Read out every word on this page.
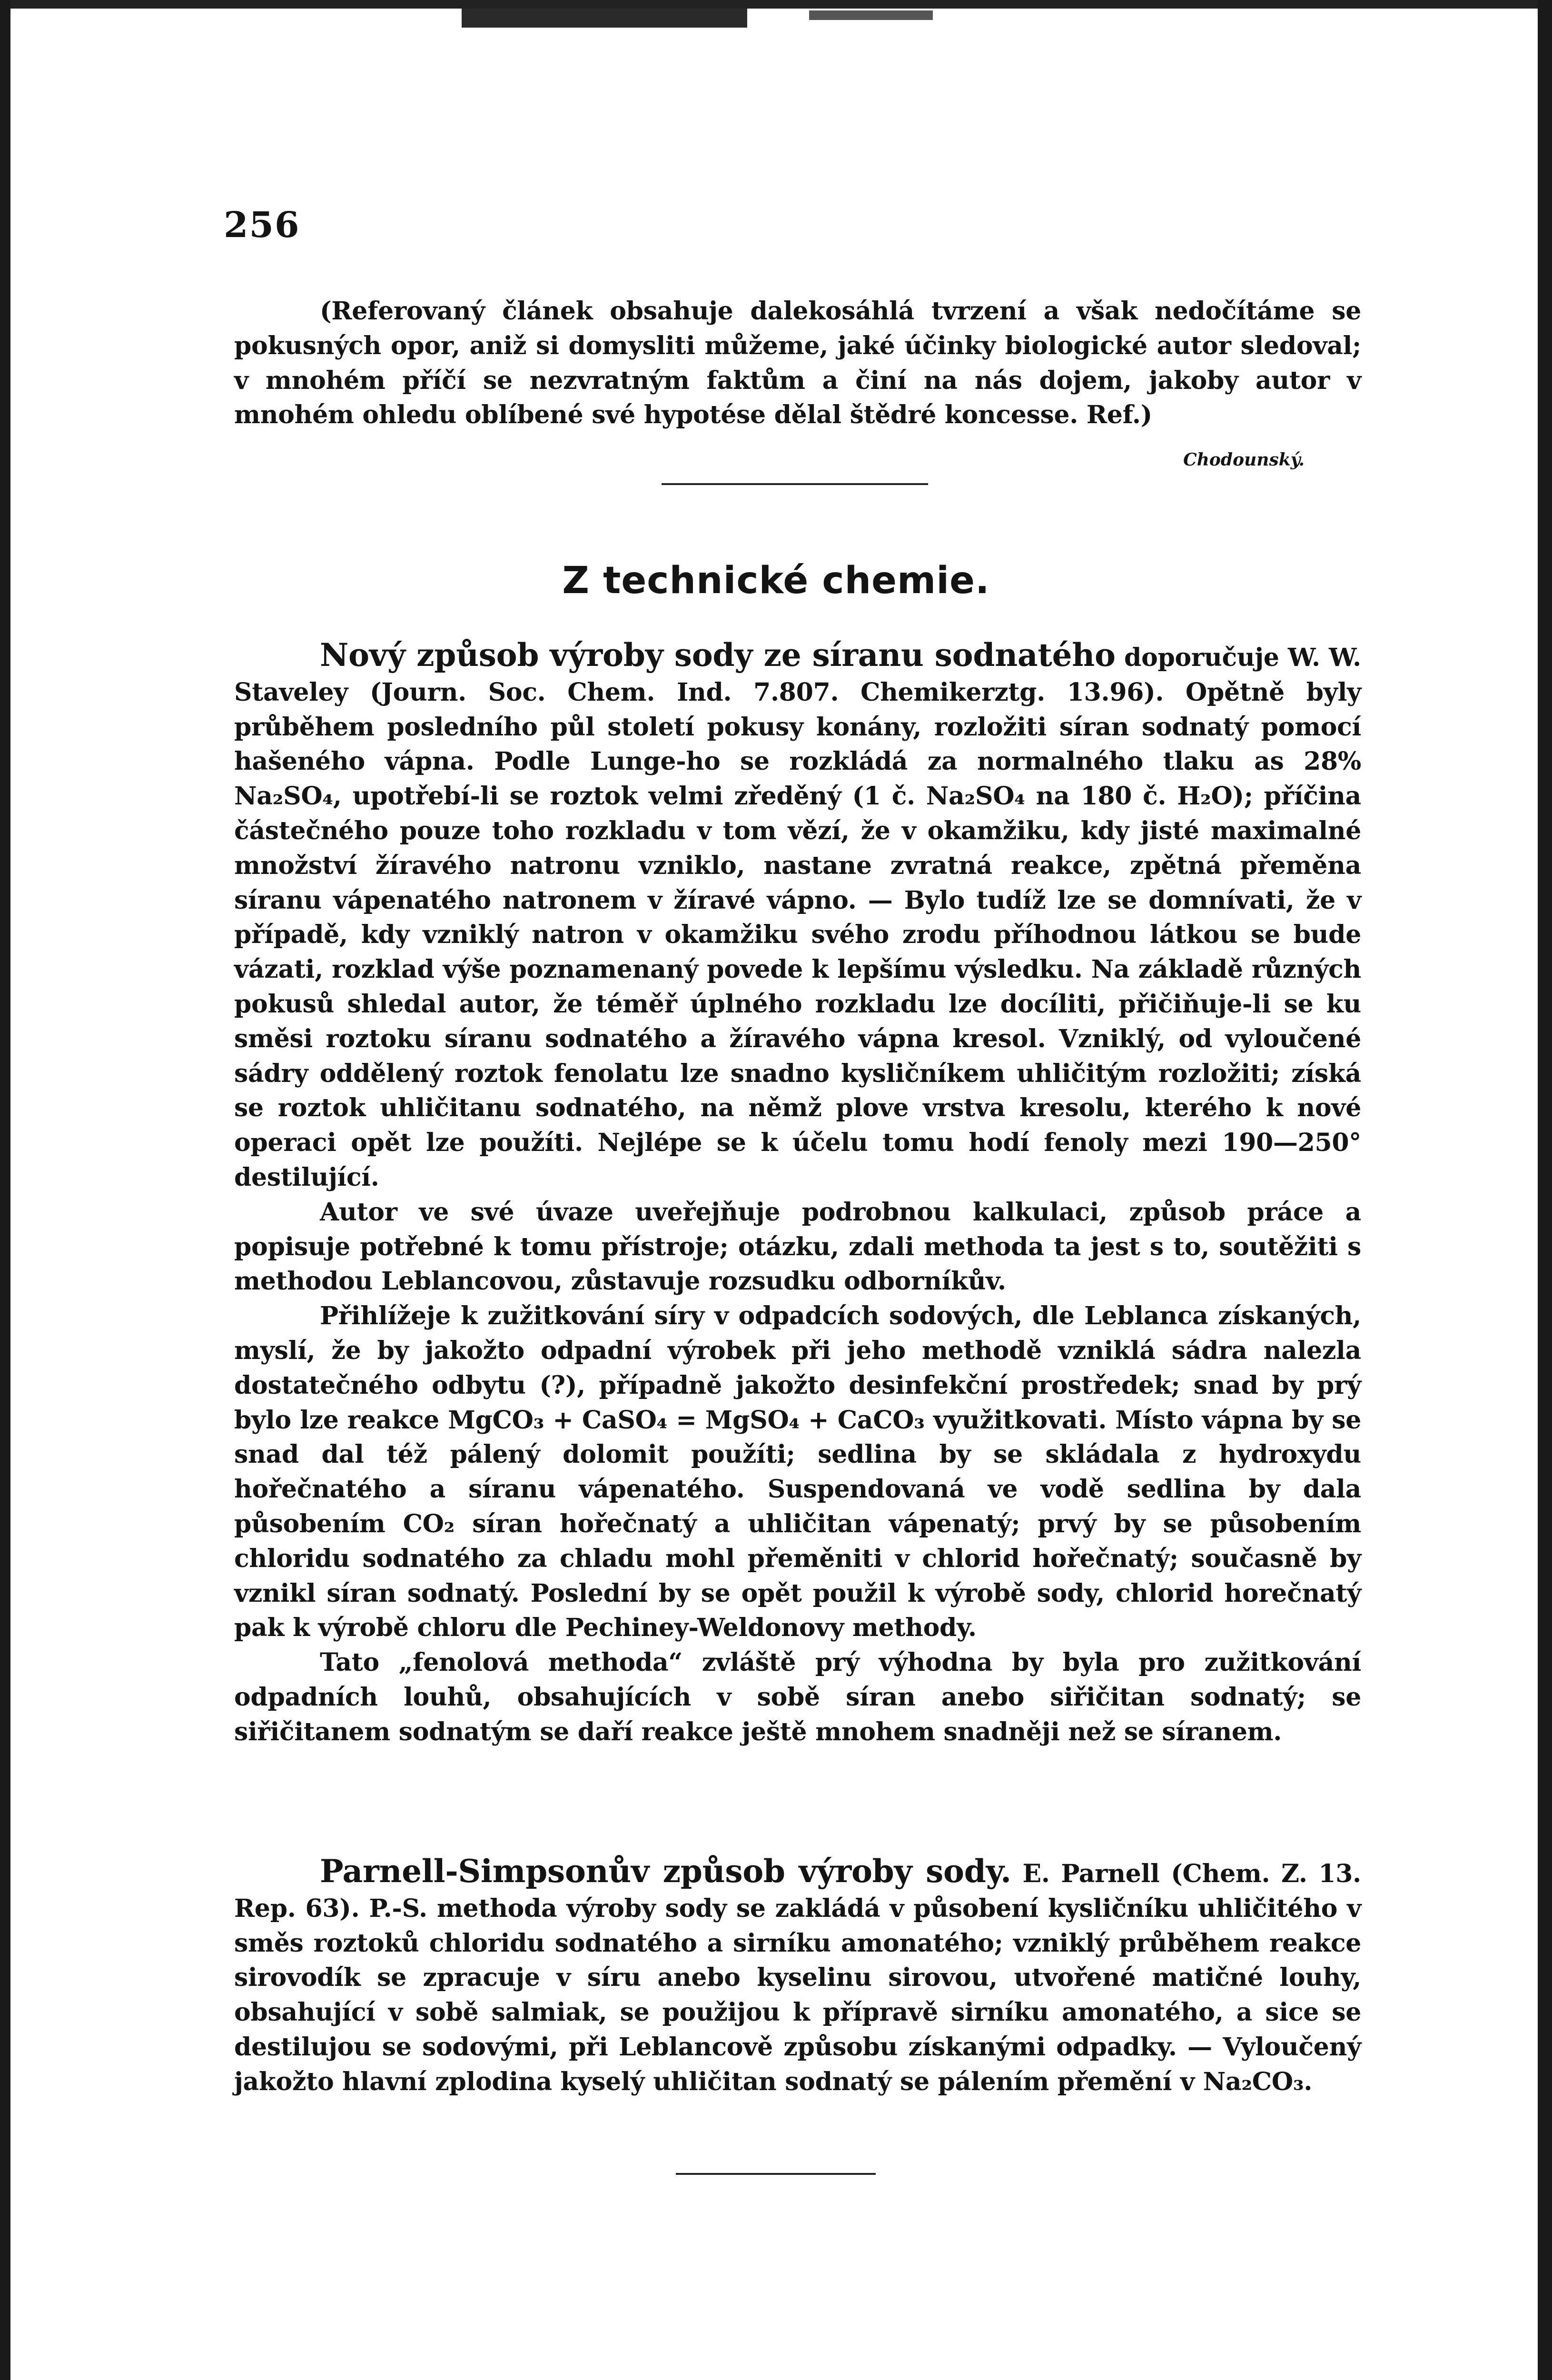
256

(Referovaný článek obsahuje dalekosáhlá tvrzení a však nedočítáme se pokusných opor, aniž si domysliti můžeme, jaké účinky biologické autor sledoval; v mnohém příčí se nezvratným faktům a činí na nás dojem, jakoby autor v mnohém ohledu oblíbené své hypotése dělal štědré koncesse. Ref.)

Chodounský.
Z technické chemie.

Nový způsob výroby sody ze síranu sodnatého doporučuje W. W. Staveley (Journ. Soc. Chem. Ind. 7.807. Chemikerztg. 13.96). Opětně byly průběhem posledního půl století pokusy konány, rozložiti síran sodnatý pomocí hašeného vápna. Podle Lunge-ho se rozkládá za normalného tlaku as 28% Na₂SO₄, upotřebí-li se roztok velmi zředěný (1 č. Na₂SO₄ na 180 č. H₂O); příčina částečného pouze toho rozkladu v tom vězí, že v okamžiku, kdy jisté maximalné množství žíravého natronu vzniklo, nastane zvratná reakce, zpětná přeměna síranu vápenatého natronem v žíravé vápno. — Bylo tudíž lze se domnívati, že v případě, kdy vzniklý natron v okamžiku svého zrodu příhodnou látkou se bude vázati, rozklad výše poznamenaný povede k lepšímu výsledku. Na základě různých pokusů shledal autor, že téměř úplného rozkladu lze docíliti, přičiňuje-li se ku směsi roztoku síranu sodnatého a žíravého vápna kresol. Vzniklý, od vyloučené sádry oddělený roztok fenolatu lze snadno kysličníkem uhličitým rozložiti; získá se roztok uhličitanu sodnatého, na němž plove vrstva kresolu, kterého k nové operaci opět lze použíti. Nejlépe se k účelu tomu hodí fenoly mezi 190—250° destilující.

Autor ve své úvaze uveřejňuje podrobnou kalkulaci, způsob práce a popisuje potřebné k tomu přístroje; otázku, zdali methoda ta jest s to, soutěžiti s methodou Leblancovou, zůstavuje rozsudku odborníkův.

Přihlížeje k zužitkování síry v odpadcích sodových, dle Leblanca získaných, myslí, že by jakožto odpadní výrobek při jeho methodě vzniklá sádra nalezla dostatečného odbytu (?), případně jakožto desinfekční prostředek; snad by prý bylo lze reakce MgCO₃ + CaSO₄ = MgSO₄ + CaCO₃ využitkovati. Místo vápna by se snad dal též pálený dolomit použíti; sedlina by se skládala z hydroxydu hořečnatého a síranu vápenatého. Suspendovaná ve vodě sedlina by dala působením CO₂ síran hořečnatý a uhličitan vápenatý; prvý by se působením chloridu sodnatého za chladu mohl přeměniti v chlorid hořečnatý; současně by vznikl síran sodnatý. Poslední by se opět použil k výrobě sody, chlorid horečnatý pak k výrobě chloru dle Pechiney-Weldonovy methody.

Tato „fenolová methoda“ zvláště prý výhodna by byla pro zužitkování odpadních louhů, obsahujících v sobě síran anebo siřičitan sodnatý; se siřičitanem sodnatým se daří reakce ještě mnohem snadněji než se síranem.

Parnell-Simpsonův způsob výroby sody. E. Parnell (Chem. Z. 13. Rep. 63). P.-S. methoda výroby sody se zakládá v působení kysličníku uhličitého v směs roztoků chloridu sodnatého a sirníku amonatého; vzniklý průběhem reakce sirovodík se zpracuje v síru anebo kyselinu sirovou, utvořené matičné louhy, obsahující v sobě salmiak, se použijou k přípravě sirníku amonatého, a sice se destilujou se sodovými, při Leblancově způsobu získanými odpadky. — Vyloučený jakožto hlavní zplodina kyselý uhličitan sodnatý se pálením přemění v Na₂CO₃.
